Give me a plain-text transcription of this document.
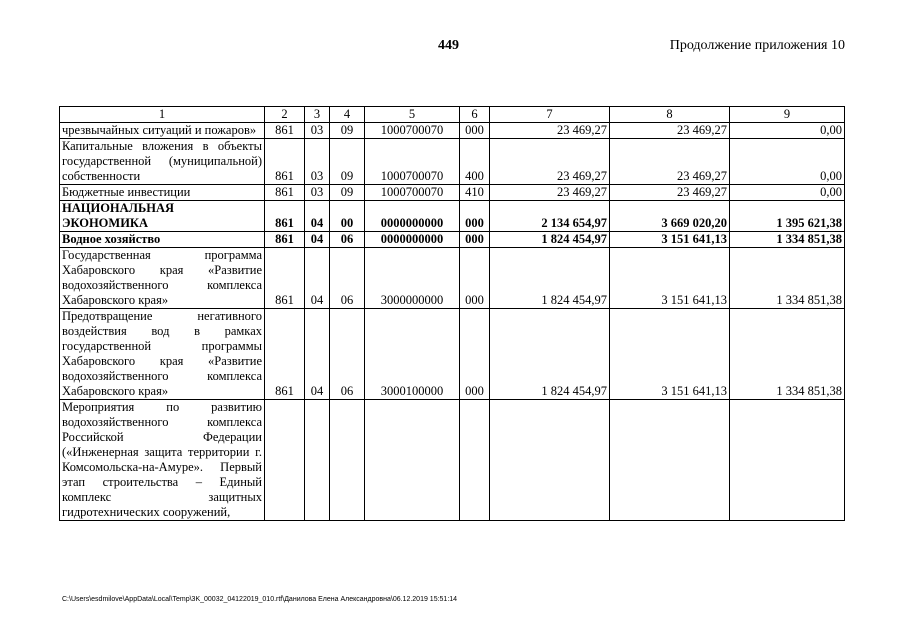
449	Продолжение приложения 10
1	2	3	4	5	6	7	8	9
чрезвычайных ситуаций и пожаров»	861	03	09	1000700070	000	23 469,27	23 469,27	0,00
Капитальные вложения в объекты государственной (муниципальной) собственности	861	03	09	1000700070	400	23 469,27	23 469,27	0,00
Бюджетные инвестиции	861	03	09	1000700070	410	23 469,27	23 469,27	0,00
НАЦИОНАЛЬНАЯ ЭКОНОМИКА	861	04	00	0000000000	000	2 134 654,97	3 669 020,20	1 395 621,38
Водное хозяйство	861	04	06	0000000000	000	1 824 454,97	3 151 641,13	1 334 851,38
Государственная программа Хабаровского края «Развитие водохозяйственного комплекса Хабаровского края»	861	04	06	3000000000	000	1 824 454,97	3 151 641,13	1 334 851,38
Предотвращение негативного воздействия вод в рамках государственной программы Хабаровского края «Развитие водохозяйственного комплекса Хабаровского края»	861	04	06	3000100000	000	1 824 454,97	3 151 641,13	1 334 851,38
Мероприятия по развитию водохозяйственного комплекса Российской Федерации («Инженерная защита территории г. Комсомольска-на-Амуре». Первый этап строительства – Единый комплекс защитных гидротехнических сооружений,								
C:\Users\esdmilove\AppData\Local\Temp\3K_00032_04122019_010.rtf\Данилова Елена Александровна\06.12.2019 15:51:14
